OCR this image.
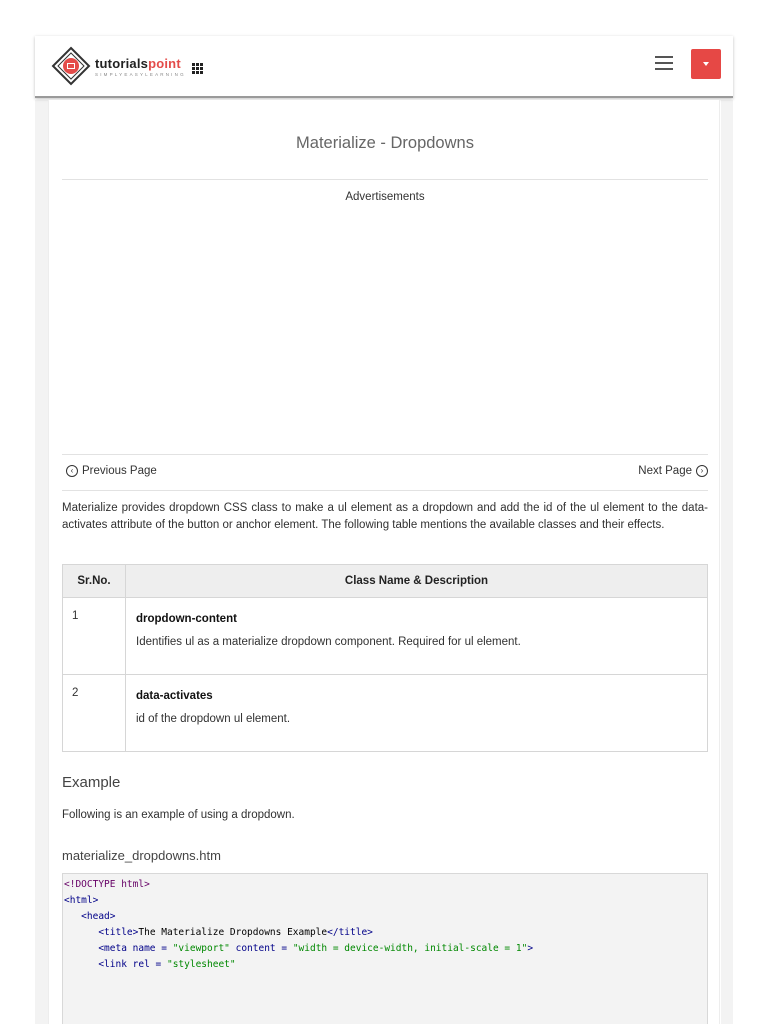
tutorialspoint
SIMPLYEASYLEARNING
Materialize - Dropdowns
Advertisements
‹ Previous Page	Next Page	›

Materialize provides dropdown CSS class to make a ul element as a dropdown and add the id of the ul element to the data-activates attribute of the button or anchor element. The following table mentions the available classes and their effects.

Sr.No.	Class Name & Description
1	dropdown-content
Identifies ul as a materialize dropdown component. Required for ul element.

2	data-activates
id of the dropdown ul element.
Example

Following is an example of using a dropdown.

materialize_dropdowns.htm
<!DOCTYPE html>
<html>
<head>
<title>The Materialize Dropdowns Example</title>
<meta name = "viewport" content = "width = device-width, initial-scale = 1">
<link rel = "stylesheet"
